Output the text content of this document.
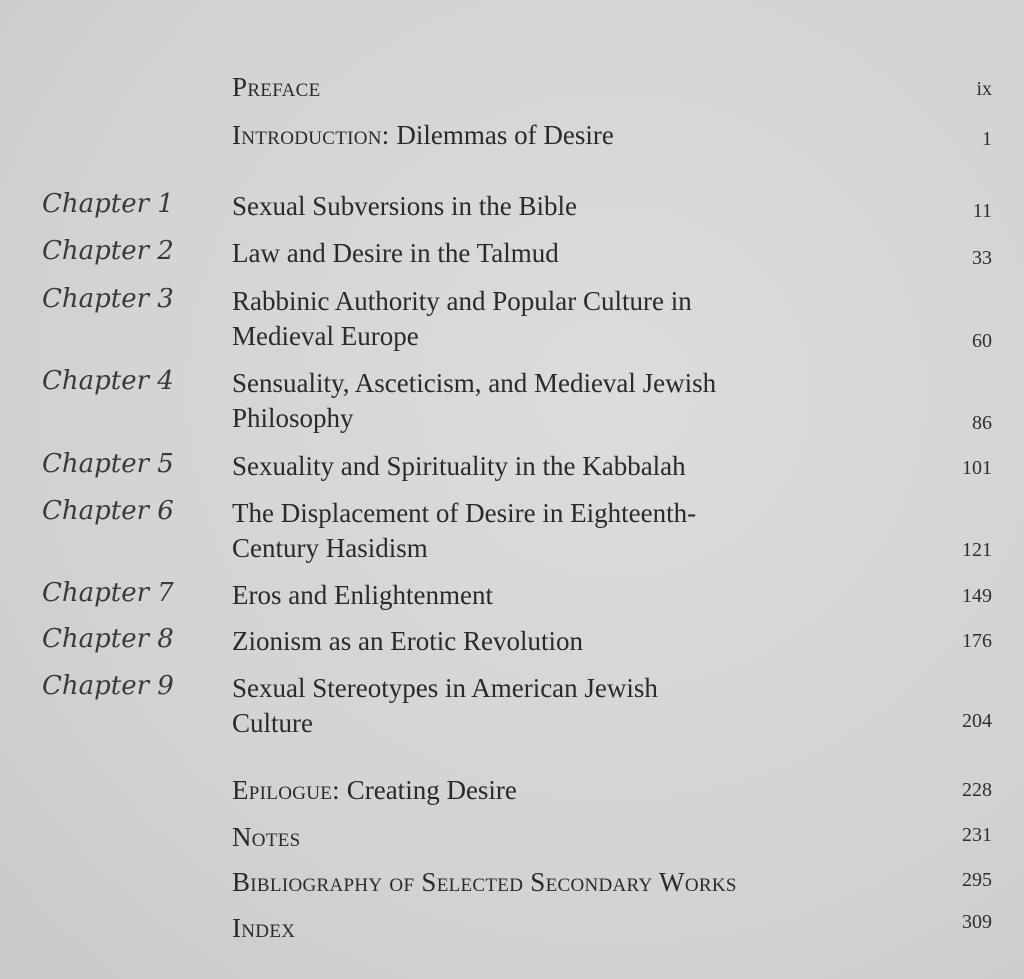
Preface	ix
Introduction: Dilemmas of Desire	1
Chapter 1 Sexual Subversions in the Bible	11
Chapter 2 Law and Desire in the Talmud	33
Chapter 3 Rabbinic Authority and Popular Culture in
Medieval Europe	60
Chapter 4 Sensuality, Asceticism, and Medieval Jewish
Philosophy	86
Chapter 5 Sexuality and Spirituality in the Kabbalah	101
Chapter 6 The Displacement of Desire in Eighteenth-
Century Hasidism	121
Chapter 7 Eros and Enlightenment	149
Chapter 8 Zionism as an Erotic Revolution	176
Chapter 9 Sexual Stereotypes in American Jewish
Culture	204
Epilogue: Creating Desire	228
Notes	231
Bibliography of Selected Secondary Works	295
Index	309
